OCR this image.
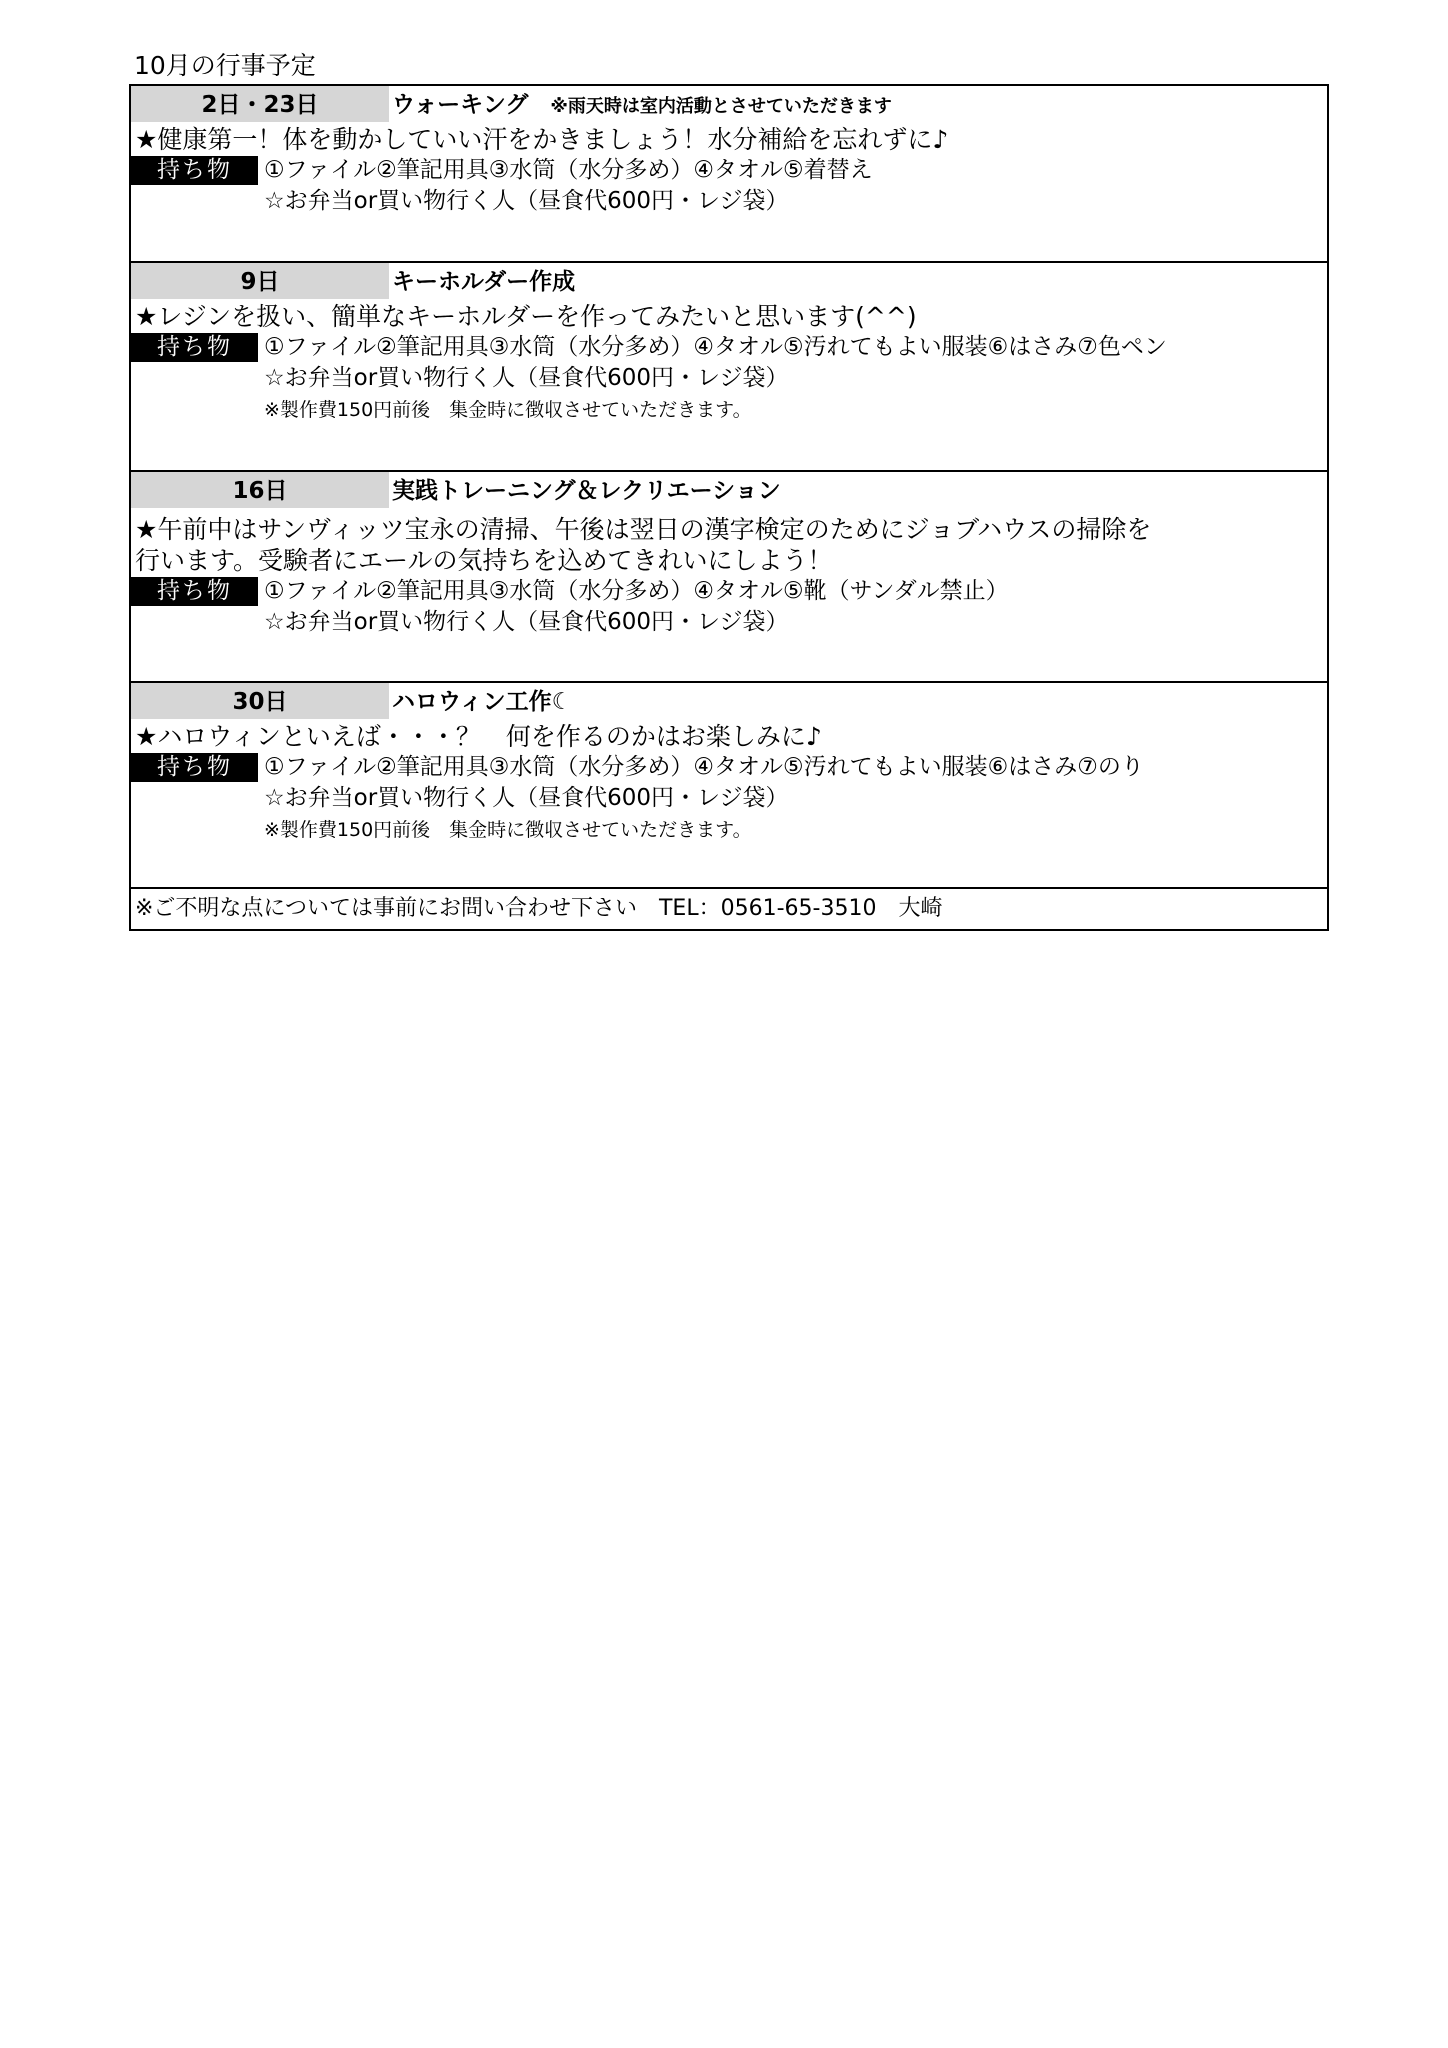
10月の行事予定
2日・23日	ウォーキング ※雨天時は室内活動とさせていただきます
★健康第一！体を動かしていい汗をかきましょう！水分補給を忘れずに♪
持ち物	①ファイル②筆記用具③水筒（水分多め）④タオル⑤着替え
☆お弁当or買い物行く人（昼食代600円・レジ袋）
9日	キーホルダー作成
★レジンを扱い、簡単なキーホルダーを作ってみたいと思います(^^)
持ち物	①ファイル②筆記用具③水筒（水分多め）④タオル⑤汚れてもよい服装⑥はさみ⑦色ペン
☆お弁当or買い物行く人（昼食代600円・レジ袋）
※製作費150円前後　集金時に徴収させていただきます。
16日	実践トレーニング＆レクリエーション
★午前中はサンヴィッツ宝永の清掃、午後は翌日の漢字検定のためにジョブハウスの掃除を
行います。受験者にエールの気持ちを込めてきれいにしよう！
持ち物	①ファイル②筆記用具③水筒（水分多め）④タオル⑤靴（サンダル禁止）
☆お弁当or買い物行く人（昼食代600円・レジ袋）
30日	ハロウィン工作☾
★ハロウィンといえば・・・？　何を作るのかはお楽しみに♪
持ち物	①ファイル②筆記用具③水筒（水分多め）④タオル⑤汚れてもよい服装⑥はさみ⑦のり
☆お弁当or買い物行く人（昼食代600円・レジ袋）
※製作費150円前後　集金時に徴収させていただきます。
※ご不明な点については事前にお問い合わせ下さい　TEL：0561-65-3510　大崎
